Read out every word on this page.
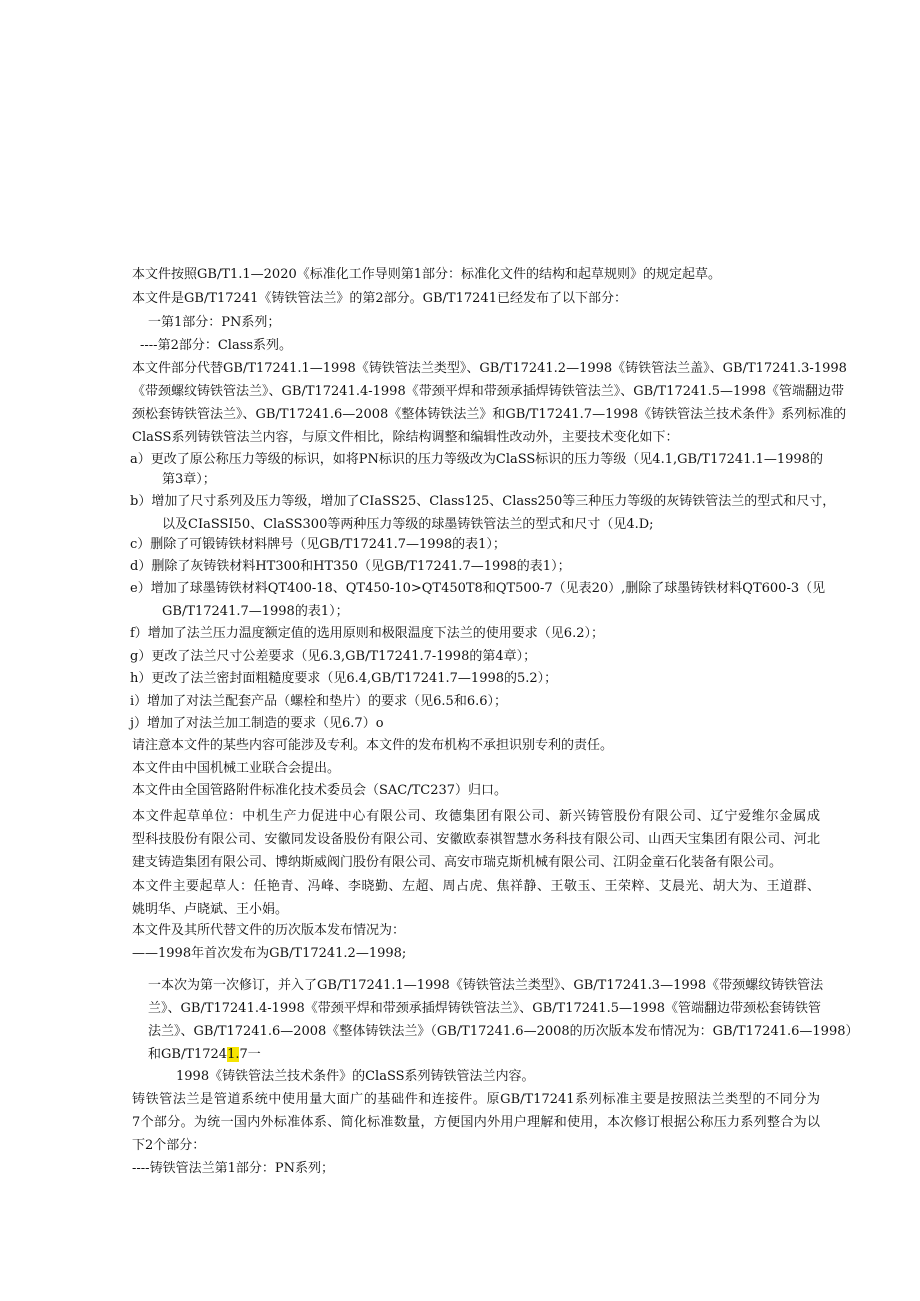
本文件按照GB/T1.1—2020《标准化工作导则第1部分：标准化文件的结构和起草规则》的规定起草。
本文件是GB/T17241《铸铁管法兰》的第2部分。GB/T17241已经发布了以下部分：
一第1部分：PN系列；
----第2部分：Class系列。
本文件部分代替GB/T17241.1—1998《铸铁管法兰类型》、GB/T17241.2—1998《铸铁管法兰盖》、GB/T17241.3-1998
《带颈螺纹铸铁管法兰》、GB/T17241.4-1998《带颈平焊和带颈承插焊铸铁管法兰》、GB/T17241.5—1998《管端翻边带
颈松套铸铁管法兰》、GB/T17241.6—2008《整体铸铁法兰》和GB/T17241.7—1998《铸铁管法兰技术条件》系列标准的
ClaSS系列铸铁管法兰内容，与原文件相比，除结构调整和编辑性改动外，主要技术变化如下：
a）更改了原公称压力等级的标识，如将PN标识的压力等级改为ClaSS标识的压力等级（见4.1,GB/T17241.1—1998的
第3章）；
b）增加了尺寸系列及压力等级，增加了CIaSS25、Class125、Class250等三种压力等级的灰铸铁管法兰的型式和尺寸，
以及CIaSSI50、ClaSS300等两种压力等级的球墨铸铁管法兰的型式和尺寸（见4.D;
c）删除了可锻铸铁材料牌号（见GB/T17241.7—1998的表1）；
d）删除了灰铸铁材料HT300和HT350（见GB/T17241.7—1998的表1）；
e）增加了球墨铸铁材料QT400-18、QT450-10>QT450T8和QT500-7（见表20）,删除了球墨铸铁材料QT600-3（见
GB/T17241.7—1998的表1）；
f）增加了法兰压力温度额定值的选用原则和极限温度下法兰的使用要求（见6.2）；
g）更改了法兰尺寸公差要求（见6.3,GB/T17241.7-1998的第4章）；
h）更改了法兰密封面粗糙度要求（见6.4,GB/T17241.7—1998的5.2）；
i）增加了对法兰配套产品（螺栓和垫片）的要求（见6.5和6.6）；
j）增加了对法兰加工制造的要求（见6.7）o
请注意本文件的某些内容可能涉及专利。本文件的发布机构不承担识别专利的责任。
本文件由中国机械工业联合会提出。
本文件由全国管路附件标准化技术委员会（SAC/TC237）归口。
本文件起草单位：中机生产力促进中心有限公司、玫德集团有限公司、新兴铸管股份有限公司、辽宁爱维尔金属成
型科技股份有限公司、安徽同发设备股份有限公司、安徽欧泰祺智慧水务科技有限公司、山西天宝集团有限公司、河北
建支铸造集团有限公司、博纳斯威阀门股份有限公司、高安市瑞克斯机械有限公司、江阴金童石化装备有限公司。
本文件主要起草人：任艳青、冯峰、李晓勤、左超、周占虎、焦祥静、王敬玉、王荣粹、艾晨光、胡大为、王道群、
姚明华、卢晓斌、王小娟。
本文件及其所代替文件的历次版本发布情况为：
——1998年首次发布为GB/T17241.2—1998;
一本次为第一次修订，并入了GB/T17241.1—1998《铸铁管法兰类型》、GB/T17241.3—1998《带颈螺纹铸铁管法
兰》、GB/T17241.4-1998《带颈平焊和带颈承插焊铸铁管法兰》、GB/T17241.5—1998《管端翻边带颈松套铸铁管
法兰》、GB/T17241.6—2008《整体铸铁法兰》（GB/T17241.6—2008的历次版本发布情况为：GB/T17241.6—1998）
和GB/T17241.7一
1998《铸铁管法兰技术条件》的ClaSS系列铸铁管法兰内容。
铸铁管法兰是管道系统中使用量大面广的基础件和连接件。原GB/T17241系列标准主要是按照法兰类型的不同分为
7个部分。为统一国内外标准体系、简化标准数量，方便国内外用户理解和使用，本次修订根据公称压力系列整合为以
下2个部分：
----铸铁管法兰第1部分：PN系列；
